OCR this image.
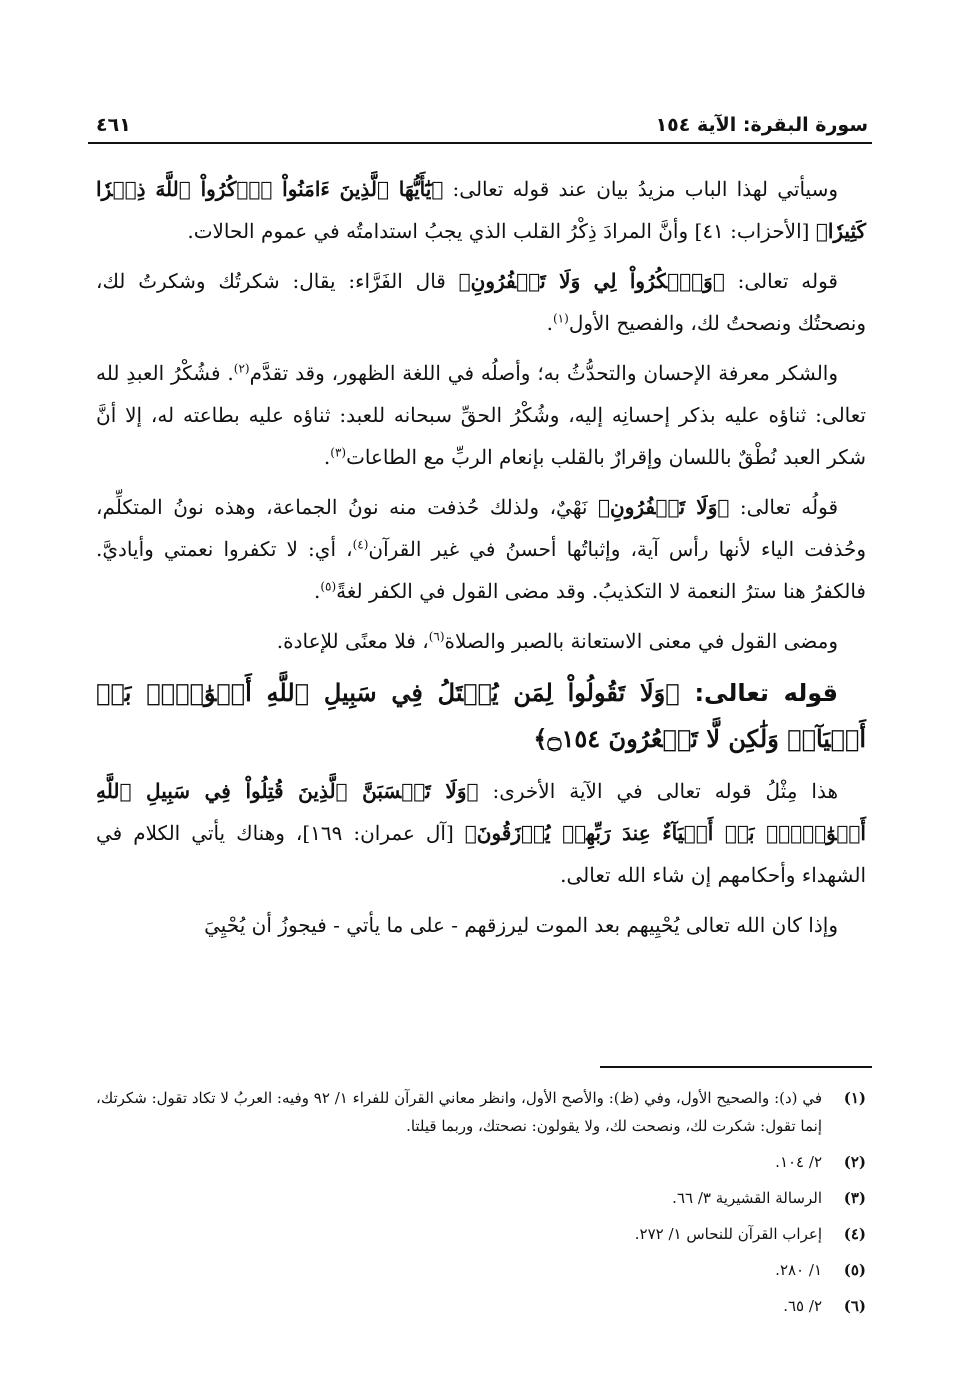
سورة البقرة: الآية ١٥٤
٤٦١

وسيأتي لهذا الباب مزيدُ بيان عند قوله تعالى: ﴿يَٰٓأَيُّهَا ٱلَّذِينَ ءَامَنُواْ ٱذۡكُرُواْ ٱللَّهَ ذِكۡرٗا كَثِيرٗا﴾ [الأحزاب: ٤١] وأنَّ المرادَ ذِكْرُ القلب الذي يجبُ استدامتُه في عموم الحالات.

قوله تعالى: ﴿وَٱشۡكُرُواْ لِي وَلَا تَكۡفُرُونِ﴾ قال الفَرَّاء: يقال: شكرتُك وشكرتُ لك، ونصحتُك ونصحتُ لك، والفصيح الأول$^{(١)}$.

والشكر معرفة الإحسان والتحدُّثُ به؛ وأصلُه في اللغة الظهور، وقد تقدَّم$^{(٢)}$. فشُكْرُ العبدِ لله تعالى: ثناؤه عليه بذكر إحسانِه إليه، وشُكْرُ الحقِّ سبحانه للعبد: ثناؤه عليه بطاعته له، إلا أنَّ شكر العبد نُطْقٌ باللسان وإقرارٌ بالقلب بإنعام الربِّ مع الطاعات$^{(٣)}$.

قولُه تعالى: ﴿وَلَا تَكۡفُرُونِ﴾ نَهْيٌ، ولذلك حُذفت منه نونُ الجماعة، وهذه نونُ المتكلِّم، وحُذفت الياء لأنها رأس آية، وإثباتُها أحسنُ في غير القرآن$^{(٤)}$، أي: لا تكفروا نعمتي وأياديَّ. فالكفرُ هنا سترُ النعمة لا التكذيبُ. وقد مضى القول في الكفر لغةً$^{(٥)}$.

ومضى القول في معنى الاستعانة بالصبر والصلاة$^{(٦)}$، فلا معنًى للإعادة.

قوله تعالى: ﴿وَلَا تَقُولُواْ لِمَن يُقۡتَلُ فِي سَبِيلِ ٱللَّهِ أَمۡوَٰتُۢۚ بَلۡ أَحۡيَآءٞ وَلَٰكِن لَّا تَشۡعُرُونَ ۝١٥٤﴾

هذا مِثْلُ قوله تعالى في الآية الأخرى: ﴿وَلَا تَحۡسَبَنَّ ٱلَّذِينَ قُتِلُواْ فِي سَبِيلِ ٱللَّهِ أَمۡوَٰتَۢاۚ بَلۡ أَحۡيَآءٌ عِندَ رَبِّهِمۡ يُرۡزَقُونَ﴾ [آل عمران: ١٦٩]، وهناك يأتي الكلام في الشهداء وأحكامهم إن شاء الله تعالى.

وإذا كان الله تعالى يُحْيِيهم بعد الموت ليرزقهم - على ما يأتي - فيجوزُ أن يُحْيِيَ

(١)
في (د): والصحيح الأول، وفي (ظ): والأصح الأول، وانظر معاني القرآن للفراء ١/ ٩٢ وفيه: العربُ لا تكاد تقول: شكرتك، إنما تقول: شكرت لك، ونصحت لك، ولا يقولون: نصحتك، وربما قيلتا.
(٢)
٢/ ١٠٤.
(٣)
الرسالة القشيرية ٣/ ٦٦.
(٤)
إعراب القرآن للنحاس ١/ ٢٧٢.
(٥)
١/ ٢٨٠.
(٦)
٢/ ٦٥.
